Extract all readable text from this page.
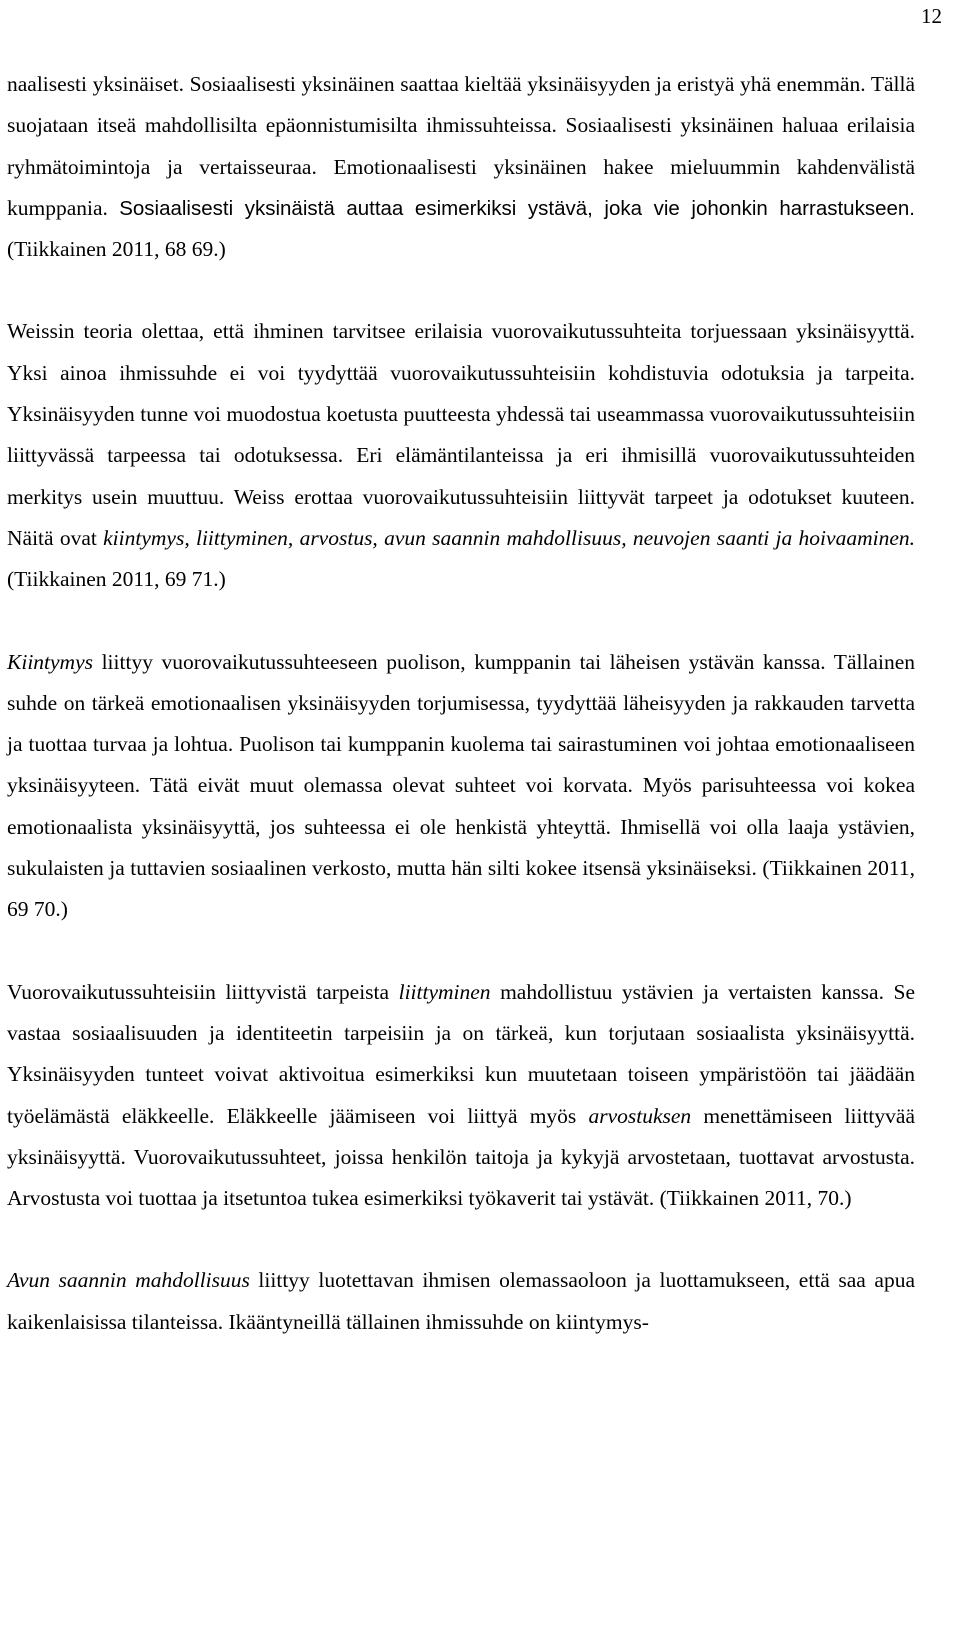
12

naalisesti yksinäiset. Sosiaalisesti yksinäinen saattaa kieltää yksinäisyyden ja eristyä yhä enemmän. Tällä suojataan itseä mahdollisilta epäonnistumisilta ihmissuhteissa. Sosiaalisesti yksinäinen haluaa erilaisia ryhmätoimintoja ja vertaisseuraa. Emotionaalisesti yksinäinen hakee mieluummin kahdenvälistä kumppania. Sosiaalisesti yksinäistä auttaa esimerkiksi ystävä, joka vie johonkin harrastukseen. (Tiikkainen 2011, 68 69.)

Weissin teoria olettaa, että ihminen tarvitsee erilaisia vuorovaikutussuhteita torjuessaan yksinäisyyttä. Yksi ainoa ihmissuhde ei voi tyydyttää vuorovaikutussuhteisiin kohdistuvia odotuksia ja tarpeita. Yksinäisyyden tunne voi muodostua koetusta puutteesta yhdessä tai useammassa vuorovaikutussuhteisiin liittyvässä tarpeessa tai odotuksessa. Eri elämäntilanteissa ja eri ihmisillä vuorovaikutussuhteiden merkitys usein muuttuu. Weiss erottaa vuorovaikutussuhteisiin liittyvät tarpeet ja odotukset kuuteen. Näitä ovat kiintymys, liittyminen, arvostus, avun saannin mahdollisuus, neuvojen saanti ja hoivaaminen. (Tiikkainen 2011, 69 71.)

Kiintymys liittyy vuorovaikutussuhteeseen puolison, kumppanin tai läheisen ystävän kanssa. Tällainen suhde on tärkeä emotionaalisen yksinäisyyden torjumisessa, tyydyttää läheisyyden ja rakkauden tarvetta ja tuottaa turvaa ja lohtua. Puolison tai kumppanin kuolema tai sairastuminen voi johtaa emotionaaliseen yksinäisyyteen. Tätä eivät muut olemassa olevat suhteet voi korvata. Myös parisuhteessa voi kokea emotionaalista yksinäisyyttä, jos suhteessa ei ole henkistä yhteyttä. Ihmisellä voi olla laaja ystävien, sukulaisten ja tuttavien sosiaalinen verkosto, mutta hän silti kokee itsensä yksinäiseksi. (Tiikkainen 2011, 69 70.)

Vuorovaikutussuhteisiin liittyvistä tarpeista liittyminen mahdollistuu ystävien ja vertaisten kanssa. Se vastaa sosiaalisuuden ja identiteetin tarpeisiin ja on tärkeä, kun torjutaan sosiaalista yksinäisyyttä. Yksinäisyyden tunteet voivat aktivoitua esimerkiksi kun muutetaan toiseen ympäristöön tai jäädään työelämästä eläkkeelle. Eläkkeelle jäämiseen voi liittyä myös arvostuksen menettämiseen liittyvää yksinäisyyttä. Vuorovaikutussuhteet, joissa henkilön taitoja ja kykyjä arvostetaan, tuottavat arvostusta. Arvostusta voi tuottaa ja itsetuntoa tukea esimerkiksi työkaverit tai ystävät. (Tiikkainen 2011, 70.)

Avun saannin mahdollisuus liittyy luotettavan ihmisen olemassaoloon ja luottamukseen, että saa apua kaikenlaisissa tilanteissa. Ikääntyneillä tällainen ihmissuhde on kiintymys-
